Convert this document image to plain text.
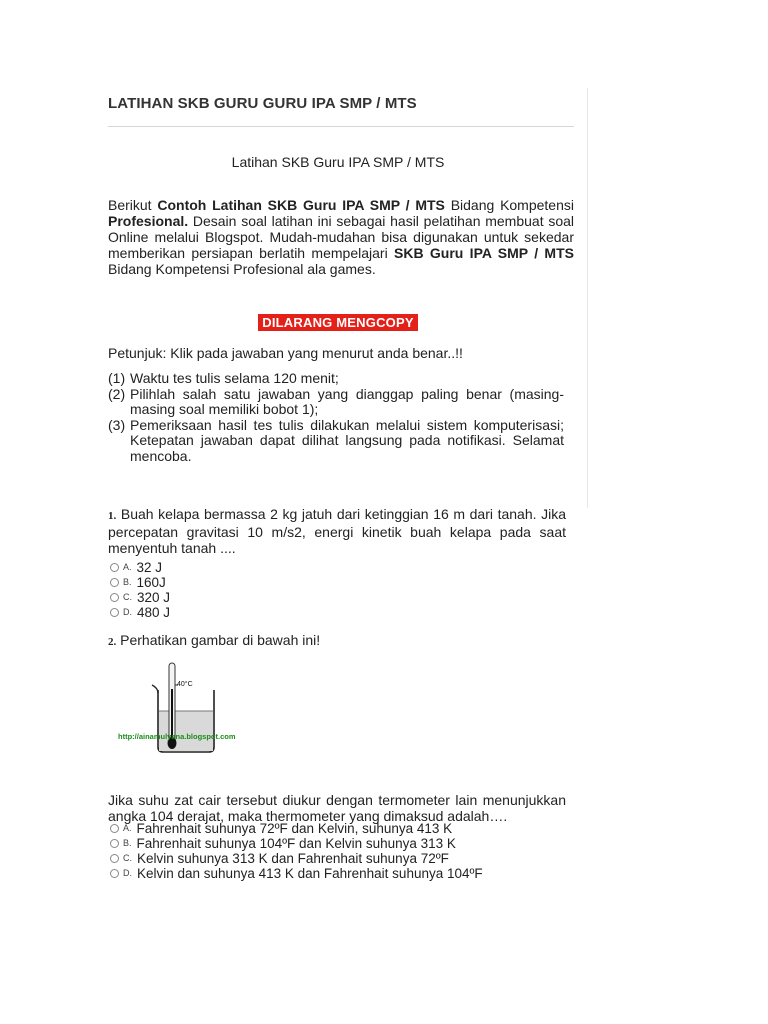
LATIHAN SKB GURU GURU IPA SMP / MTS
Latihan SKB Guru IPA SMP / MTS
Berikut Contoh Latihan SKB Guru IPA SMP / MTS Bidang Kompetensi Profesional. Desain soal latihan ini sebagai hasil pelatihan membuat soal Online melalui Blogspot. Mudah-mudahan bisa digunakan untuk sekedar memberikan persiapan berlatih mempelajari SKB Guru IPA SMP / MTS Bidang Kompetensi Profesional ala games.
DILARANG MENGCOPY
Petunjuk: Klik pada jawaban yang menurut anda benar..!!
(1) Waktu tes tulis selama 120 menit;
(2) Pilihlah salah satu jawaban yang dianggap paling benar (masing-masing soal memiliki bobot 1);
(3) Pemeriksaan hasil tes tulis dilakukan melalui sistem komputerisasi; Ketepatan jawaban dapat dilihat langsung pada notifikasi. Selamat mencoba.
1. Buah kelapa bermassa 2 kg jatuh dari ketinggian 16 m dari tanah. Jika percepatan gravitasi 10 m/s2, energi kinetik buah kelapa pada saat menyentuh tanah ....
A. 32 J
B. 160J
C. 320 J
D. 480 J
2. Perhatikan gambar di bawah ini!
40°C
http://ainamulyana.blogspot.com
Jika suhu zat cair tersebut diukur dengan termometer lain menunjukkan angka 104 derajat, maka thermometer yang dimaksud adalah….
A. Fahrenhait suhunya 72ºF dan Kelvin, suhunya 413 K
B. Fahrenhait suhunya 104ºF dan Kelvin suhunya 313 K
C. Kelvin suhunya 313 K dan Fahrenhait suhunya 72ºF
D. Kelvin dan suhunya 413 K dan Fahrenhait suhunya 104ºF
